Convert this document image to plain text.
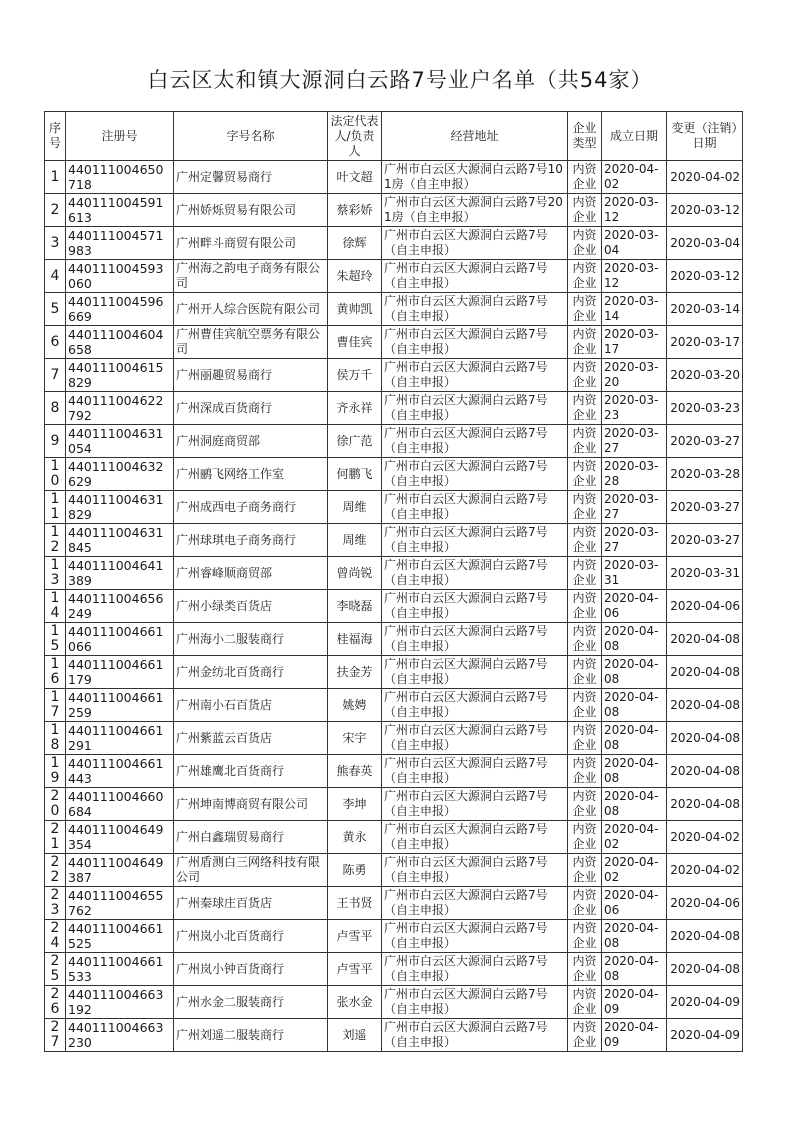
白云区太和镇大源洞白云路7号业户名单（共54家）
序号	注册号	字号名称	法定代表人/负责人	经营地址	企业类型	成立日期	变更（注销）日期
1	440111004650718	广州定馨贸易商行	叶文超	广州市白云区大源洞白云路7号101房（自主申报）	内资企业	2020-04-02	2020-04-02
2	440111004591613	广州娇烁贸易有限公司	蔡彩娇	广州市白云区大源洞白云路7号201房（自主申报）	内资企业	2020-03-12	2020-03-12
3	440111004571983	广州畔斗商贸有限公司	徐辉	广州市白云区大源洞白云路7号（自主申报）	内资企业	2020-03-04	2020-03-04
4	440111004593060	广州海之韵电子商务有限公司	朱超玲	广州市白云区大源洞白云路7号（自主申报）	内资企业	2020-03-12	2020-03-12
5	440111004596669	广州开人综合医院有限公司	黄帅凯	广州市白云区大源洞白云路7号（自主申报）	内资企业	2020-03-14	2020-03-14
6	440111004604658	广州曹佳宾航空票务有限公司	曹佳宾	广州市白云区大源洞白云路7号（自主申报）	内资企业	2020-03-17	2020-03-17
7	440111004615829	广州丽趣贸易商行	侯万千	广州市白云区大源洞白云路7号（自主申报）	内资企业	2020-03-20	2020-03-20
8	440111004622792	广州深成百货商行	齐永祥	广州市白云区大源洞白云路7号（自主申报）	内资企业	2020-03-23	2020-03-23
9	440111004631054	广州洞庭商贸部	徐广范	广州市白云区大源洞白云路7号（自主申报）	内资企业	2020-03-27	2020-03-27
10	440111004632629	广州鹂飞网络工作室	何鹏飞	广州市白云区大源洞白云路7号（自主申报）	内资企业	2020-03-28	2020-03-28
11	440111004631829	广州成西电子商务商行	周维	广州市白云区大源洞白云路7号（自主申报）	内资企业	2020-03-27	2020-03-27
12	440111004631845	广州球琪电子商务商行	周维	广州市白云区大源洞白云路7号（自主申报）	内资企业	2020-03-27	2020-03-27
13	440111004641389	广州睿峰顺商贸部	曾尚锐	广州市白云区大源洞白云路7号（自主申报）	内资企业	2020-03-31	2020-03-31
14	440111004656249	广州小绿类百货店	李晓磊	广州市白云区大源洞白云路7号（自主申报）	内资企业	2020-04-06	2020-04-06
15	440111004661066	广州海小二服装商行	桂福海	广州市白云区大源洞白云路7号（自主申报）	内资企业	2020-04-08	2020-04-08
16	440111004661179	广州金纺北百货商行	扶金芳	广州市白云区大源洞白云路7号（自主申报）	内资企业	2020-04-08	2020-04-08
17	440111004661259	广州南小石百货店	姚娉	广州市白云区大源洞白云路7号（自主申报）	内资企业	2020-04-08	2020-04-08
18	440111004661291	广州紫蓝云百货店	宋宇	广州市白云区大源洞白云路7号（自主申报）	内资企业	2020-04-08	2020-04-08
19	440111004661443	广州雄鹰北百货商行	熊春英	广州市白云区大源洞白云路7号（自主申报）	内资企业	2020-04-08	2020-04-08
20	440111004660684	广州坤南博商贸有限公司	李坤	广州市白云区大源洞白云路7号（自主申报）	内资企业	2020-04-08	2020-04-08
21	440111004649354	广州白鑫瑞贸易商行	黄永	广州市白云区大源洞白云路7号（自主申报）	内资企业	2020-04-02	2020-04-02
22	440111004649387	广州盾测白三网络科技有限公司	陈勇	广州市白云区大源洞白云路7号（自主申报）	内资企业	2020-04-02	2020-04-02
23	440111004655762	广州秦球庄百货店	王书贤	广州市白云区大源洞白云路7号（自主申报）	内资企业	2020-04-06	2020-04-06
24	440111004661525	广州岚小北百货商行	卢雪平	广州市白云区大源洞白云路7号（自主申报）	内资企业	2020-04-08	2020-04-08
25	440111004661533	广州岚小钟百货商行	卢雪平	广州市白云区大源洞白云路7号（自主申报）	内资企业	2020-04-08	2020-04-08
26	440111004663192	广州水金二服装商行	张水金	广州市白云区大源洞白云路7号（自主申报）	内资企业	2020-04-09	2020-04-09
27	440111004663230	广州刘遥二服装商行	刘遥	广州市白云区大源洞白云路7号（自主申报）	内资企业	2020-04-09	2020-04-09
